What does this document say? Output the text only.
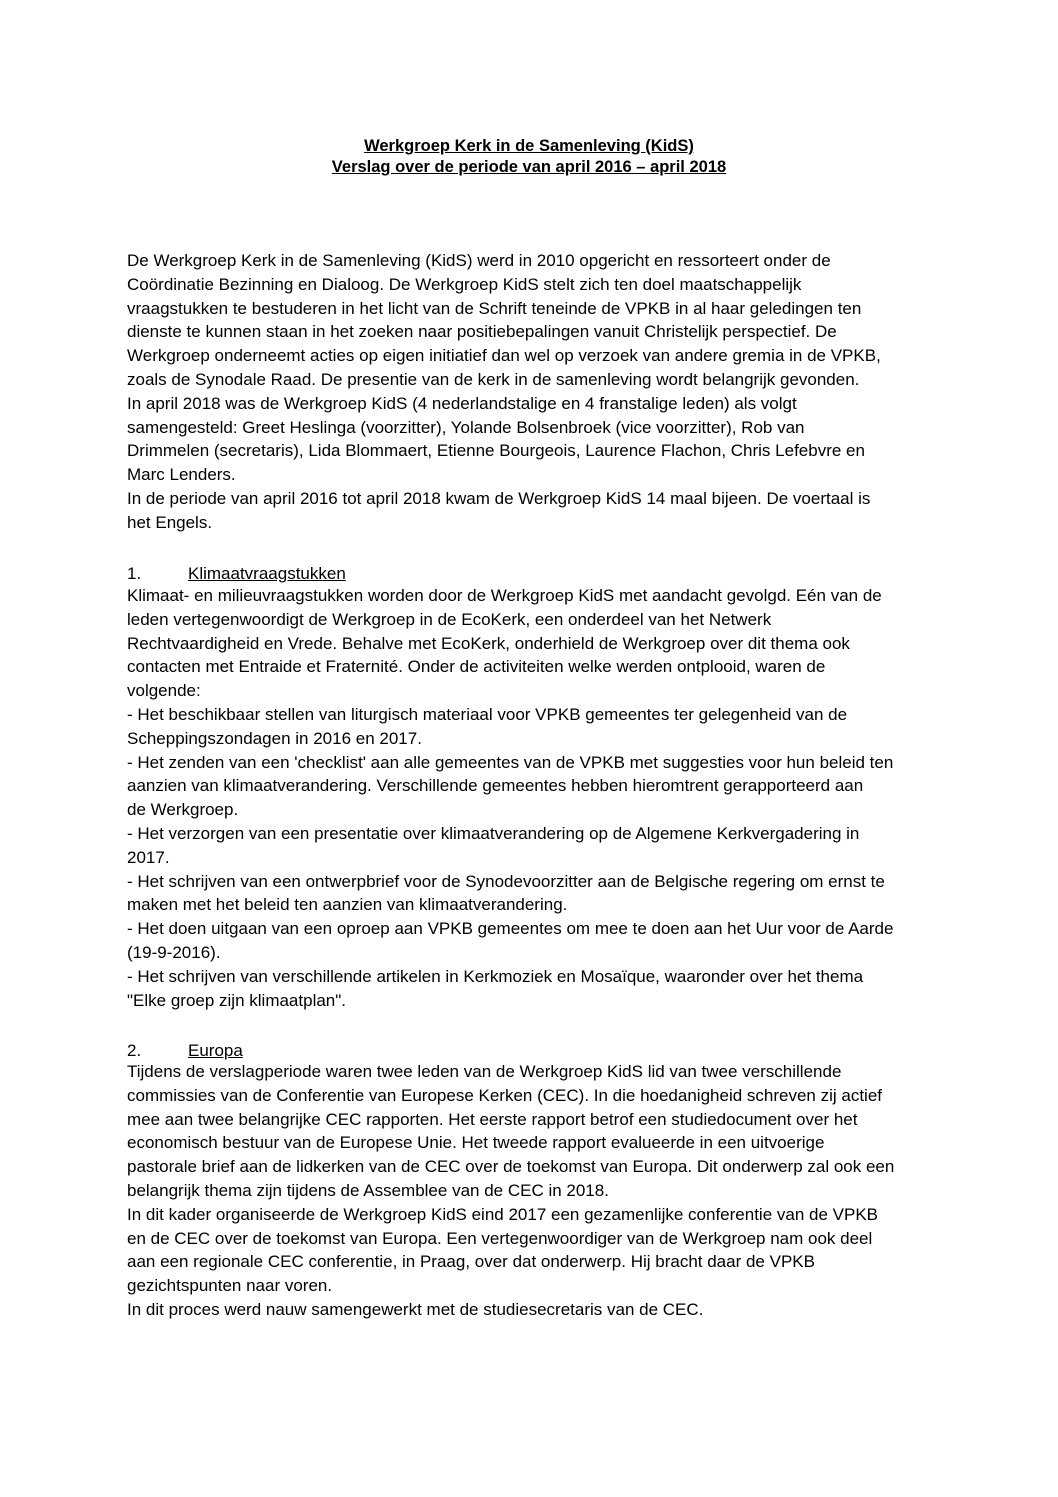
Werkgroep Kerk in de Samenleving (KidS)
Verslag over de periode van april 2016 – april 2018
De Werkgroep Kerk in de Samenleving (KidS) werd in 2010 opgericht en ressorteert onder de
Coördinatie Bezinning en Dialoog. De Werkgroep KidS stelt zich ten doel maatschappelijk
vraagstukken te bestuderen in het licht van de Schrift teneinde de VPKB in al haar geledingen ten
dienste te kunnen staan in het zoeken naar positiebepalingen vanuit Christelijk perspectief. De
Werkgroep onderneemt acties op eigen initiatief dan wel op verzoek van andere gremia in de VPKB,
zoals de Synodale Raad. De presentie van de kerk in de samenleving wordt belangrijk gevonden.
In april 2018 was de Werkgroep KidS (4 nederlandstalige en 4 franstalige leden) als volgt
samengesteld: Greet Heslinga (voorzitter), Yolande Bolsenbroek (vice voorzitter), Rob van
Drimmelen (secretaris), Lida Blommaert, Etienne Bourgeois, Laurence Flachon, Chris Lefebvre en
Marc Lenders.
In de periode van april 2016 tot april 2018 kwam de Werkgroep KidS 14 maal bijeen. De voertaal is
het Engels.
1.	Klimaatvraagstukken
Klimaat- en milieuvraagstukken worden door de Werkgroep KidS met aandacht gevolgd. Eén van de
leden vertegenwoordigt de Werkgroep in de EcoKerk, een onderdeel van het Netwerk
Rechtvaardigheid en Vrede. Behalve met EcoKerk, onderhield de Werkgroep over dit thema ook
contacten met Entraide et Fraternité. Onder de activiteiten welke werden ontplooid, waren de
volgende:
- Het beschikbaar stellen van liturgisch materiaal voor VPKB gemeentes ter gelegenheid van de
Scheppingszondagen in 2016 en 2017.
- Het zenden van een 'checklist' aan alle gemeentes van de VPKB met suggesties voor hun beleid ten
aanzien van klimaatverandering. Verschillende gemeentes hebben hieromtrent gerapporteerd aan
de Werkgroep.
- Het verzorgen van een presentatie over klimaatverandering op de Algemene Kerkvergadering in
2017.
- Het schrijven van een ontwerpbrief voor de Synodevoorzitter aan de Belgische regering om ernst te
maken met het beleid ten aanzien van klimaatverandering.
- Het doen uitgaan van een oproep aan VPKB gemeentes om mee te doen aan het Uur voor de Aarde
(19-9-2016).
- Het schrijven van verschillende artikelen in Kerkmoziek en Mosaïque, waaronder over het thema
"Elke groep zijn klimaatplan".
2.	Europa
Tijdens de verslagperiode waren twee leden van de Werkgroep KidS lid van twee verschillende
commissies van de Conferentie van Europese Kerken (CEC). In die hoedanigheid schreven zij actief
mee aan twee belangrijke CEC rapporten. Het eerste rapport betrof een studiedocument over het
economisch bestuur van de Europese Unie. Het tweede rapport evalueerde in een uitvoerige
pastorale brief aan de lidkerken van de CEC over de toekomst van Europa. Dit onderwerp zal ook een
belangrijk thema zijn tijdens de Assemblee van de CEC in 2018.
In dit kader organiseerde de Werkgroep KidS eind 2017 een gezamenlijke conferentie van de VPKB
en de CEC over de toekomst van Europa. Een vertegenwoordiger van de Werkgroep nam ook deel
aan een regionale CEC conferentie, in Praag, over dat onderwerp. Hij bracht daar de VPKB
gezichtspunten naar voren.
In dit proces werd nauw samengewerkt met de studiesecretaris van de CEC.
